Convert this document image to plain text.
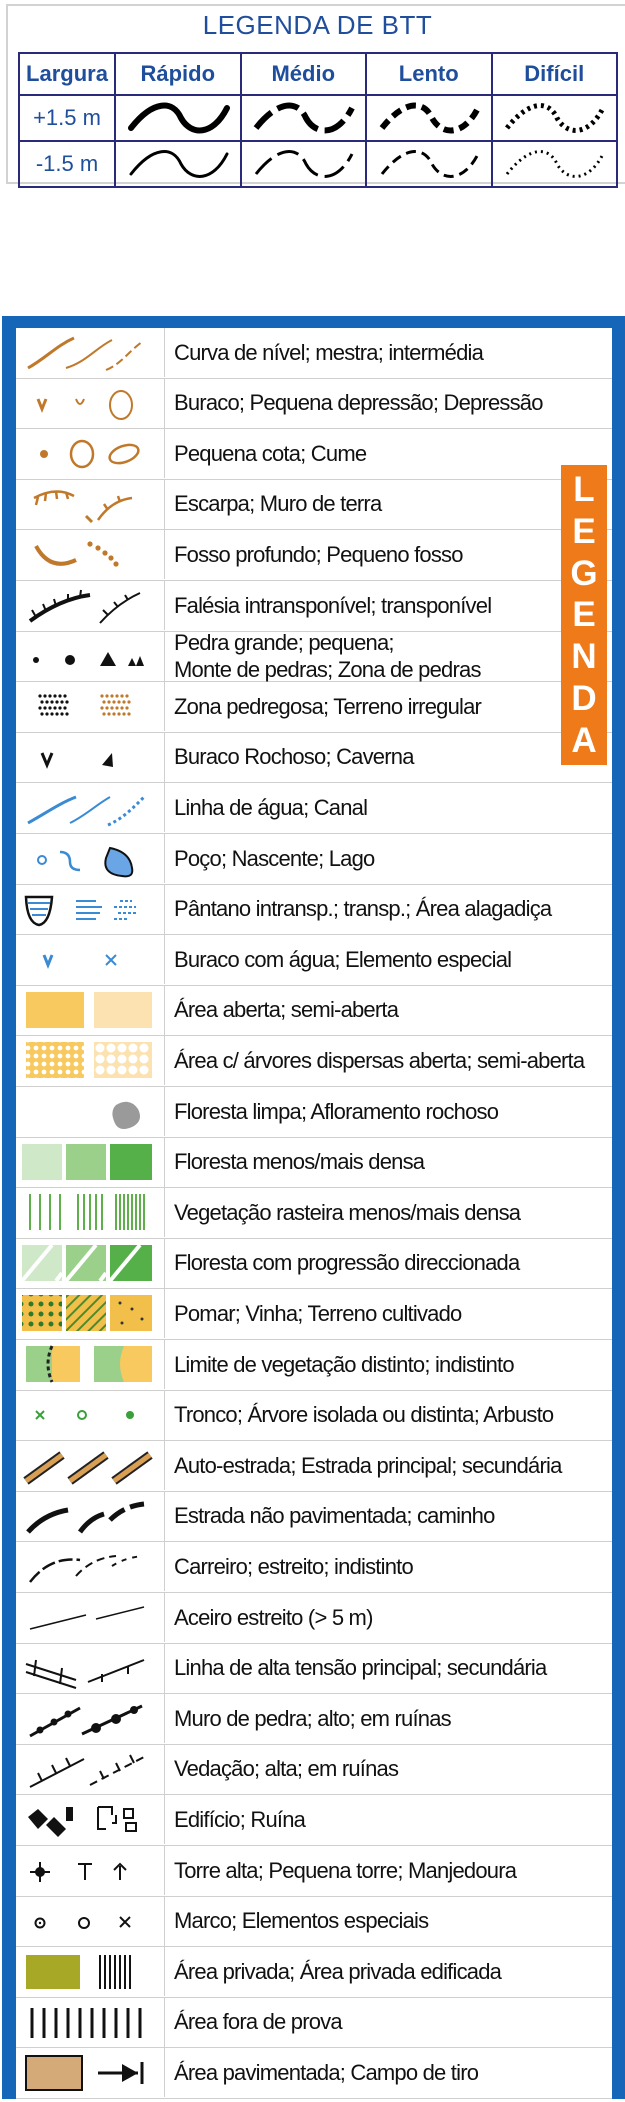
LEGENDA DE BTT
Largura	Rápido	Médio	Lento	Difícil
+1.5 m	

-1.5 m	

Curva de nível; mestra; intermédia
Buraco; Pequena depressão; Depressão
Pequena cota; Cume
Escarpa; Muro de terra
Fosso profundo; Pequeno fosso
Falésia intransponível; transponível
Pedra grande; pequena;
Monte de pedras; Zona de pedras
Zona pedregosa; Terreno irregular
Buraco Rochoso; Caverna
Linha de água; Canal
Poço; Nascente; Lago
Pântano intransp.; transp.; Área alagadiça
Buraco com água; Elemento especial
Área aberta; semi-aberta
Área c/ árvores dispersas aberta; semi-aberta
Floresta limpa; Afloramento rochoso
Floresta menos/mais densa
Vegetação rasteira menos/mais densa
Floresta com progressão direccionada
Pomar; Vinha; Terreno cultivado
Limite de vegetação distinto; indistinto
Tronco; Árvore isolada ou distinta; Arbusto
Auto-estrada; Estrada principal; secundária
Estrada não pavimentada; caminho
Carreiro; estreito; indistinto
Aceiro estreito (> 5 m)
Linha de alta tensão principal; secundária
Muro de pedra; alto; em ruínas
Vedação; alta; em ruínas
Edifício; Ruína
Torre alta; Pequena torre; Manjedoura
Marco; Elementos especiais
Área privada; Área privada edificada
Área fora de prova
Área pavimentada; Campo de tiro
L
E
G
E
N
D
A
